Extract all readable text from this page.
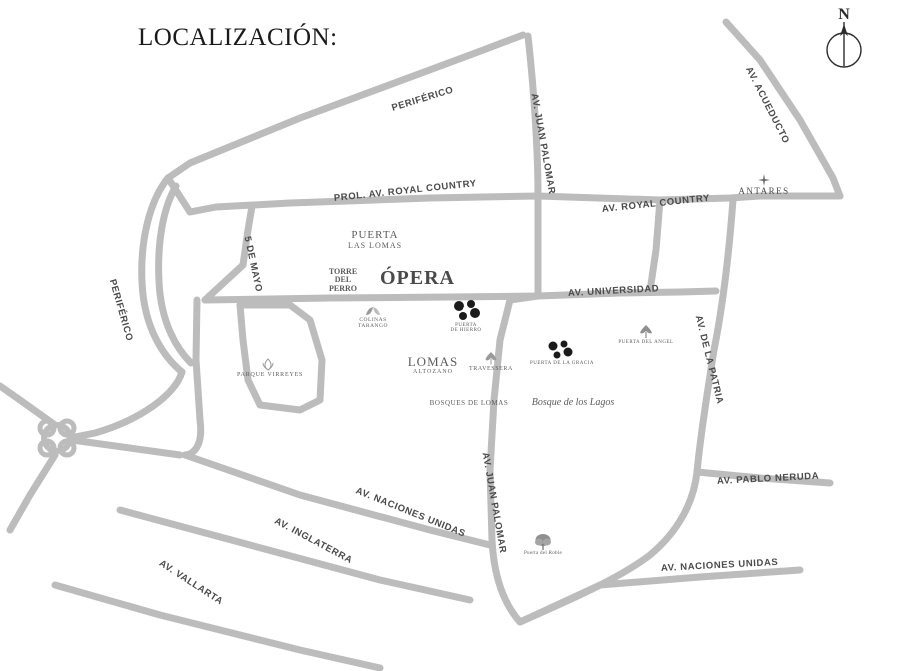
LOCALIZACIÓN:
PERIFÉRICO
PERIFÉRICO
AV. JUAN PALOMAR	AV. ACUEDUCTO
PROL. AV. ROYAL COUNTRY	AV. ROYAL COUNTRY
5 DE MAYO	AV. UNIVERSIDAD
AV. DE LA PATRIA
AV. JUAN PALOMAR
AV. NACIONES UNIDAS
AV. INGLATERRA
AV. VALLARTA
AV. PABLO NERUDA
AV. NACIONES UNIDAS
PUERTA
LAS LOMAS
TORRE
DEL
PERRO	ÓPERA
COLINAS
TARANGO	PUERTA
DE HIERRO
PUERTA DEL ANGEL
PUERTA DE LA GRACIA
PARQUE VIRREYES
LOMAS
ALTOZANO	TRAVESSERA
BOSQUES DE LOMAS	Bosque de los Lagos
ANTARES
Puerta del Roble
N
